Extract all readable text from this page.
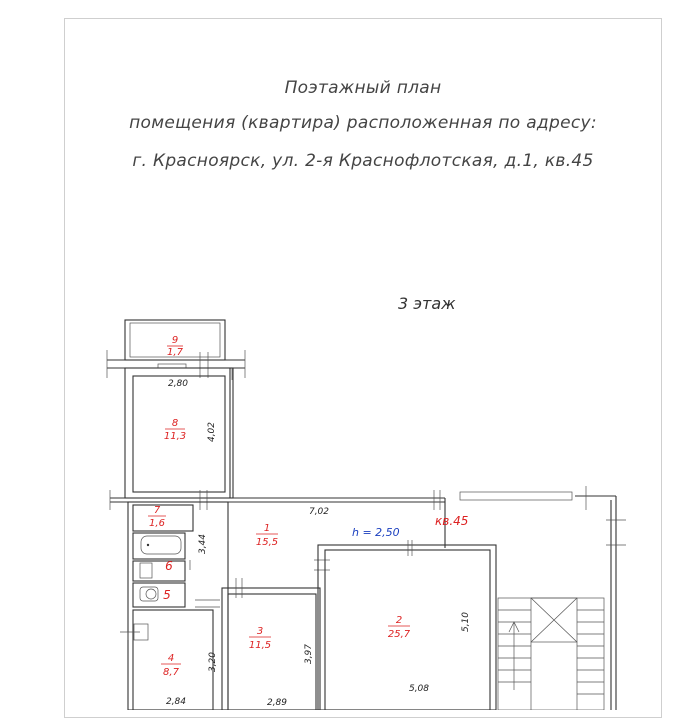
Поэтажный план
помещения (квартира) расположенная по адресу:
г. Красноярск, ул. 2-я Краснофлотская, д.1, кв.45
3 этаж
9
1,7
8
11,3
7
1,6	1
15,5
6
5
3
11,5
2
25,7
4
8,7
h = 2,50
кв.45
2,80
4,02
7,02
3,44
5,10
3,97
3,20
5,08
2,84	2,89
